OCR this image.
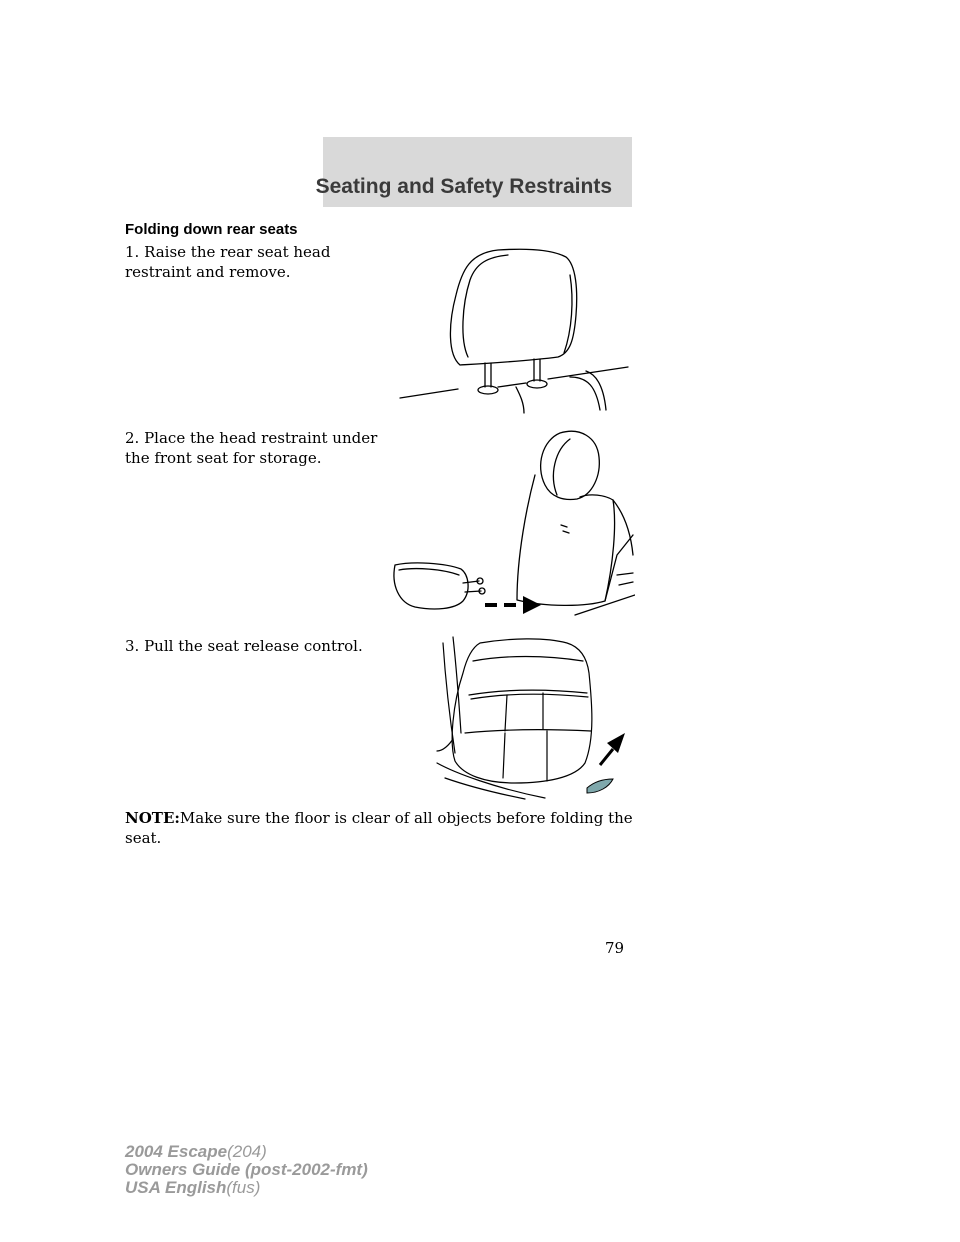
Seating and Safety Restraints
Folding down rear seats
1. Raise the rear seat head restraint and remove.
2. Place the head restraint under the front seat for storage.
3. Pull the seat release control.
NOTE:Make sure the floor is clear of all objects before folding the seat.
79
2004 Escape(204)
Owners Guide (post-2002-fmt)
USA English(fus)
